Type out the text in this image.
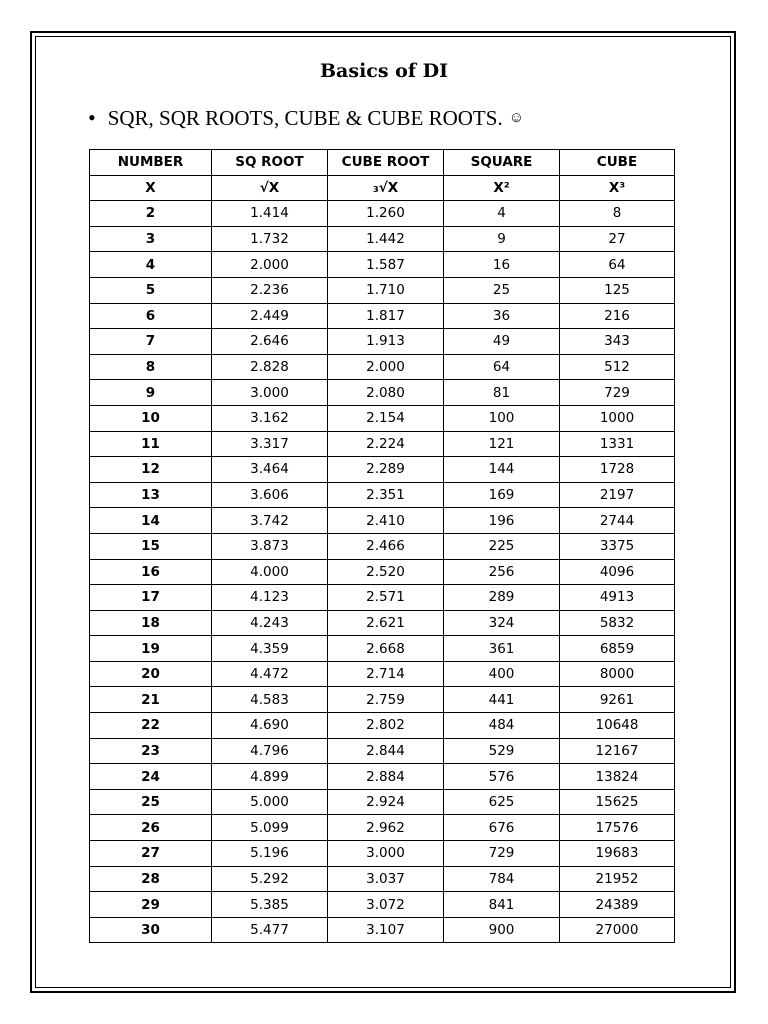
Basics of DI
• SQR, SQR ROOTS, CUBE & CUBE ROOTS. ☺
NUMBER	SQ ROOT	CUBE ROOT	SQUARE	CUBE
X	√X	₃√X	X²	X³
2	1.414	1.260	4	8
3	1.732	1.442	9	27
4	2.000	1.587	16	64
5	2.236	1.710	25	125
6	2.449	1.817	36	216
7	2.646	1.913	49	343
8	2.828	2.000	64	512
9	3.000	2.080	81	729
10	3.162	2.154	100	1000
11	3.317	2.224	121	1331
12	3.464	2.289	144	1728
13	3.606	2.351	169	2197
14	3.742	2.410	196	2744
15	3.873	2.466	225	3375
16	4.000	2.520	256	4096
17	4.123	2.571	289	4913
18	4.243	2.621	324	5832
19	4.359	2.668	361	6859
20	4.472	2.714	400	8000
21	4.583	2.759	441	9261
22	4.690	2.802	484	10648
23	4.796	2.844	529	12167
24	4.899	2.884	576	13824
25	5.000	2.924	625	15625
26	5.099	2.962	676	17576
27	5.196	3.000	729	19683
28	5.292	3.037	784	21952
29	5.385	3.072	841	24389
30	5.477	3.107	900	27000
